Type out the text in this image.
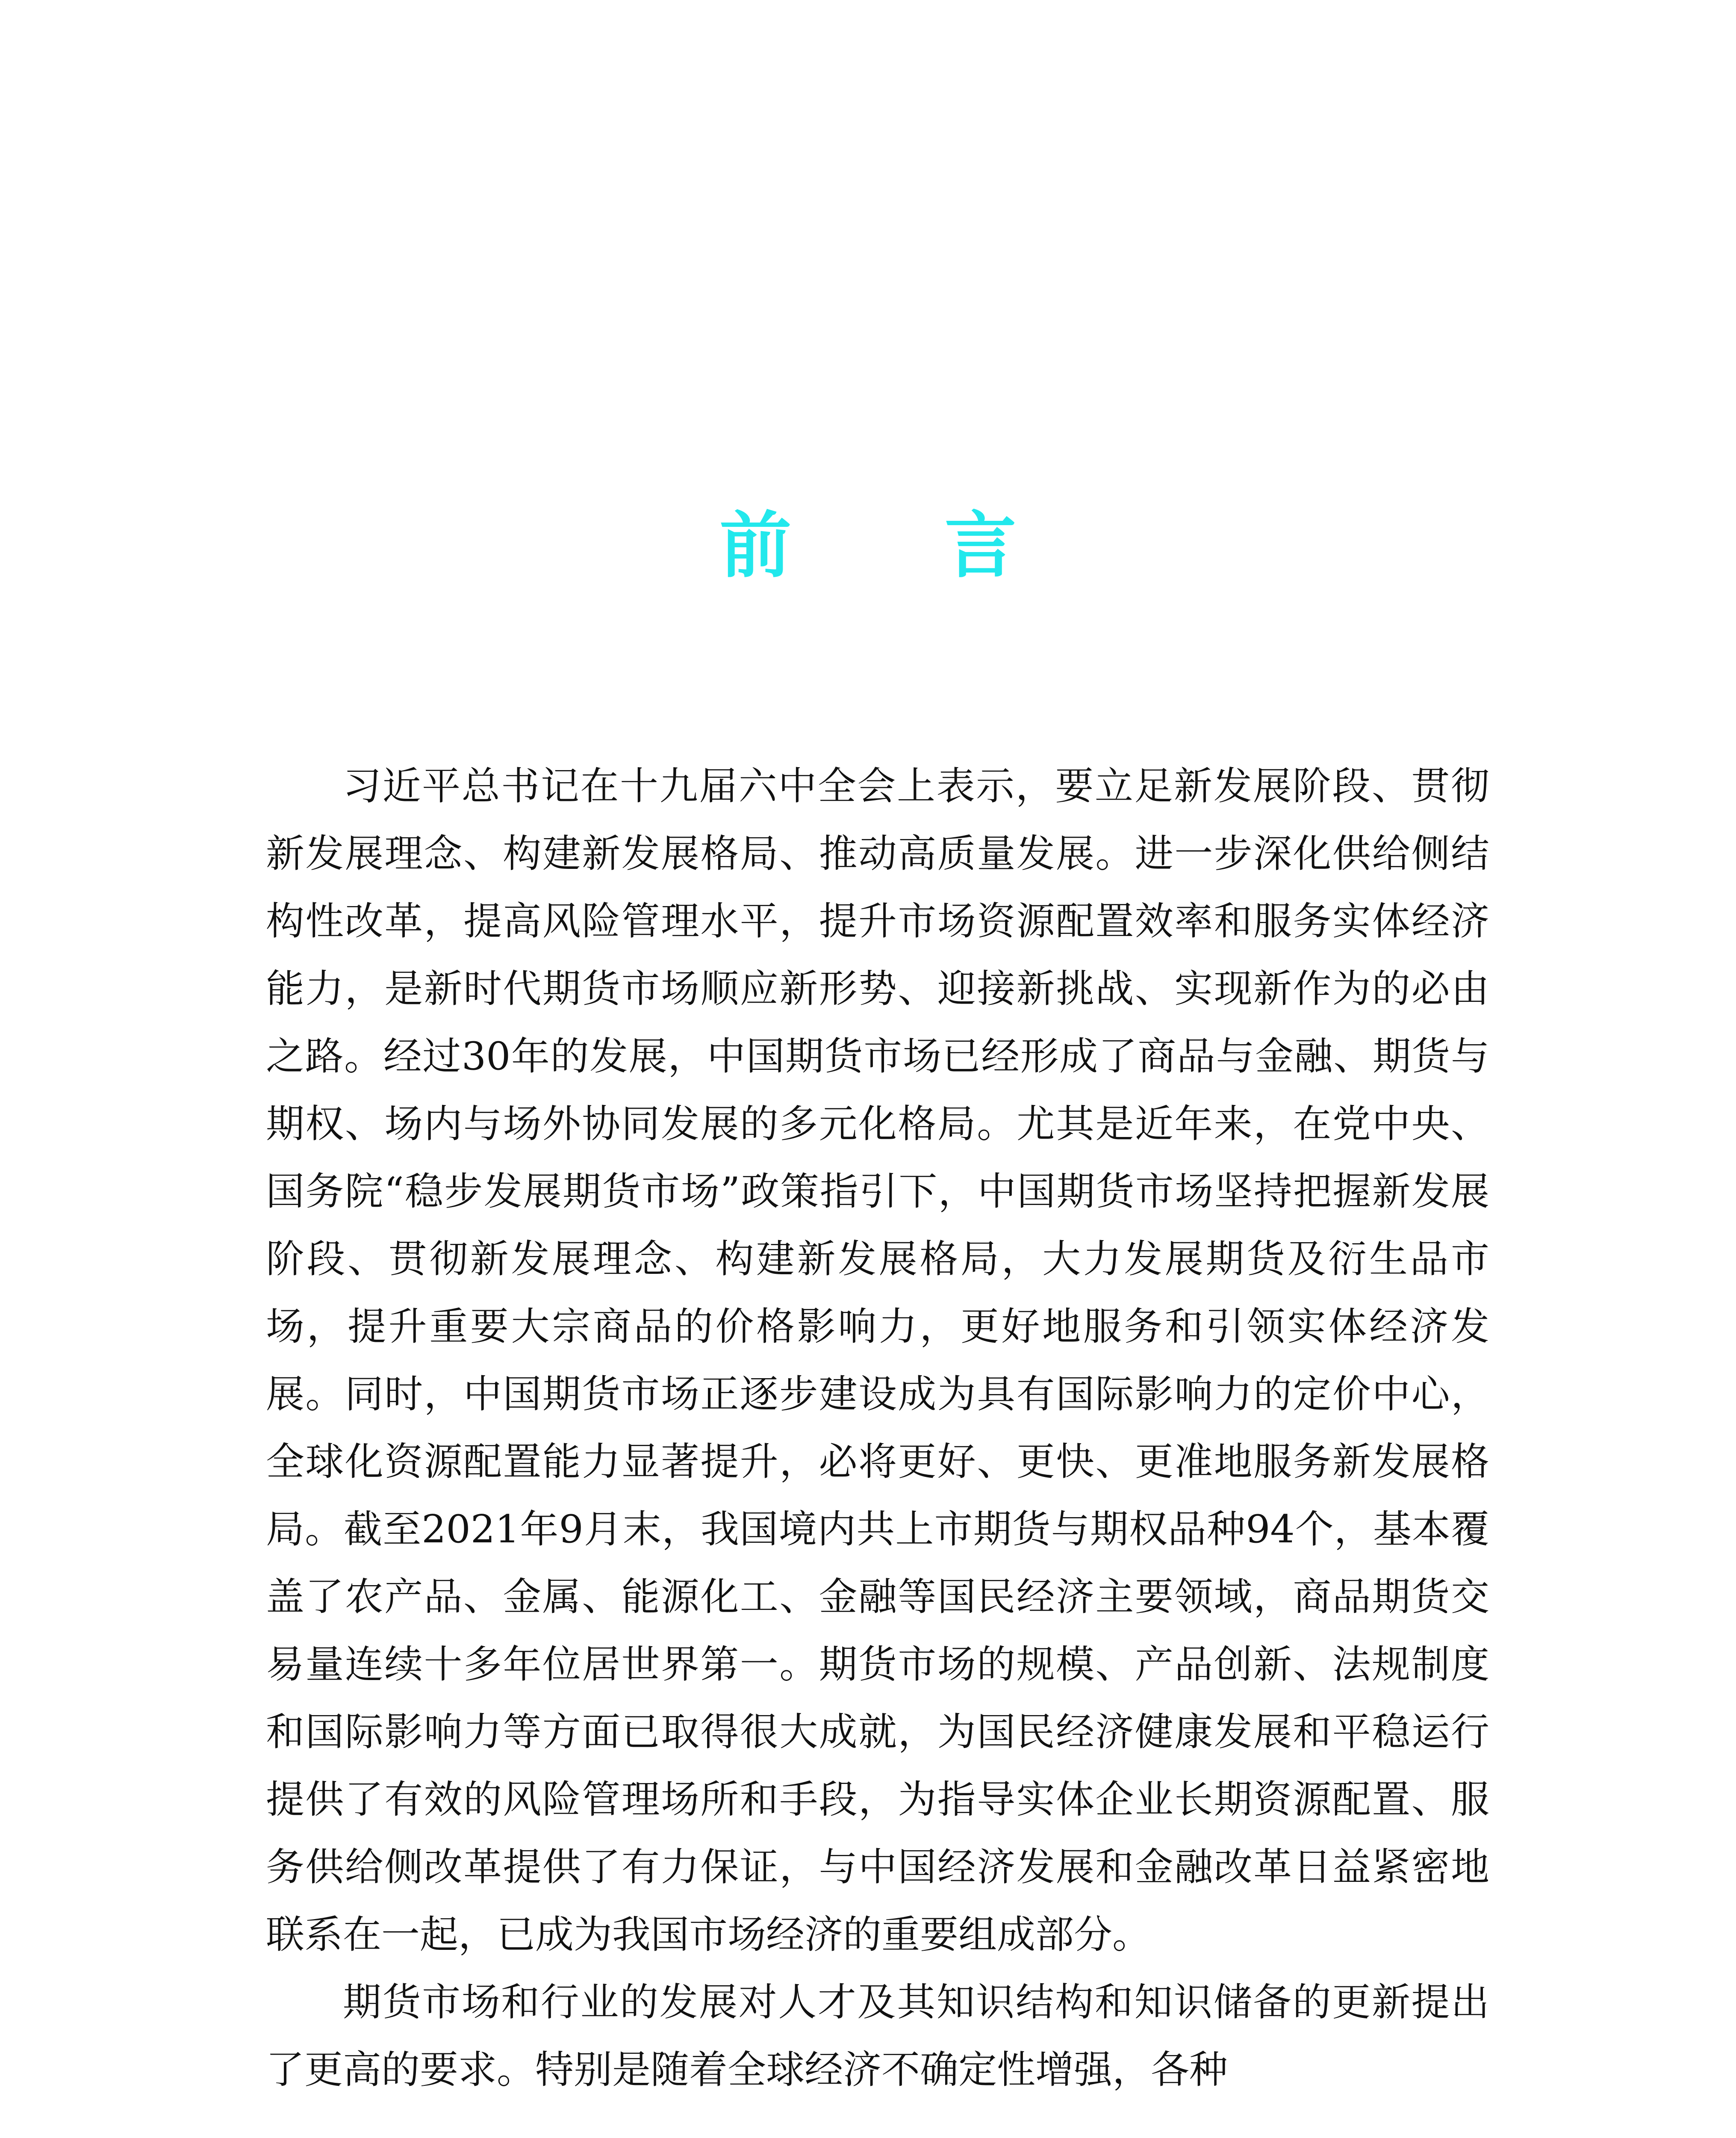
前 言

习近平总书记在十九届六中全会上表示，要立足新发展阶段、贯彻新发展理念、构建新发展格局、推动高质量发展。进一步深化供给侧结构性改革，提高风险管理水平，提升市场资源配置效率和服务实体经济能力，是新时代期货市场顺应新形势、迎接新挑战、实现新作为的必由之路。经过30年的发展，中国期货市场已经形成了商品与金融、期货与期权、场内与场外协同发展的多元化格局。尤其是近年来，在党中央、国务院“稳步发展期货市场”政策指引下，中国期货市场坚持把握新发展阶段、贯彻新发展理念、构建新发展格局，大力发展期货及衍生品市场，提升重要大宗商品的价格影响力，更好地服务和引领实体经济发展。同时，中国期货市场正逐步建设成为具有国际影响力的定价中心，全球化资源配置能力显著提升，必将更好、更快、更准地服务新发展格局。截至2021年9月末，我国境内共上市期货与期权品种94个，基本覆盖了农产品、金属、能源化工、金融等国民经济主要领域，商品期货交易量连续十多年位居世界第一。期货市场的规模、产品创新、法规制度和国际影响力等方面已取得很大成就，为国民经济健康发展和平稳运行提供了有效的风险管理场所和手段，为指导实体企业长期资源配置、服务供给侧改革提供了有力保证，与中国经济发展和金融改革日益紧密地联系在一起，已成为我国市场经济的重要组成部分。

期货市场和行业的发展对人才及其知识结构和知识储备的更新提出了更高的要求。特别是随着全球经济不确定性增强，各种
